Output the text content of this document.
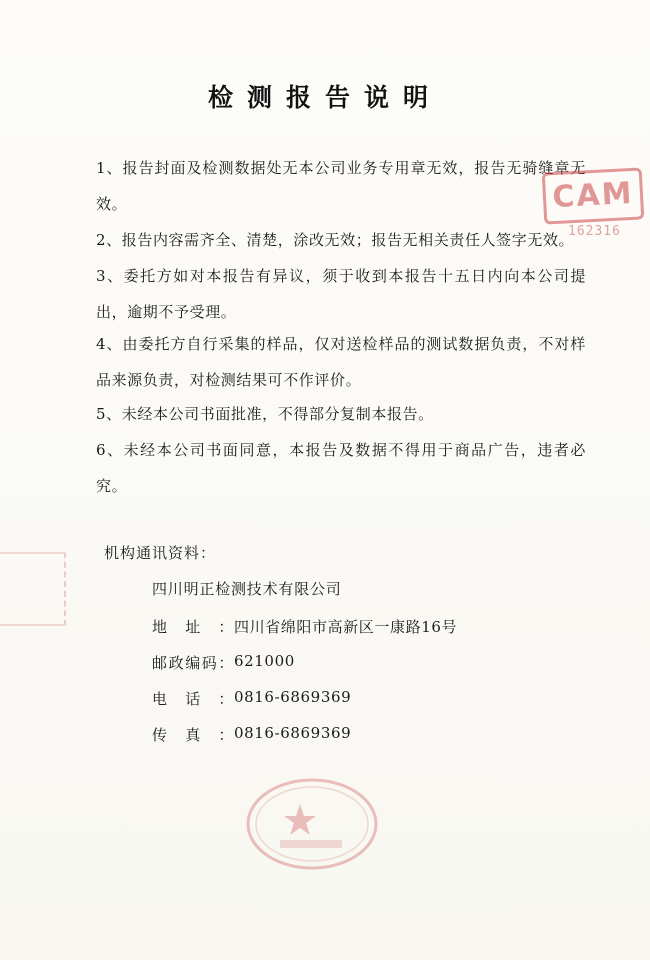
检测报告说明
1、报告封面及检测数据处无本公司业务专用章无效，报告无骑缝章无效。
2、报告内容需齐全、清楚，涂改无效；报告无相关责任人签字无效。
3、委托方如对本报告有异议，须于收到本报告十五日内向本公司提出，逾期不予受理。
4、由委托方自行采集的样品，仅对送检样品的测试数据负责，不对样品来源负责，对检测结果可不作评价。
5、未经本公司书面批准，不得部分复制本报告。
6、未经本公司书面同意，本报告及数据不得用于商品广告，违者必究。
机构通讯资料：
四川明正检测技术有限公司
地址： 四川省绵阳市高新区一康路16号
邮政编码： 621000
电话： 0816-6869369
传真： 0816-6869369
CAM
162316
